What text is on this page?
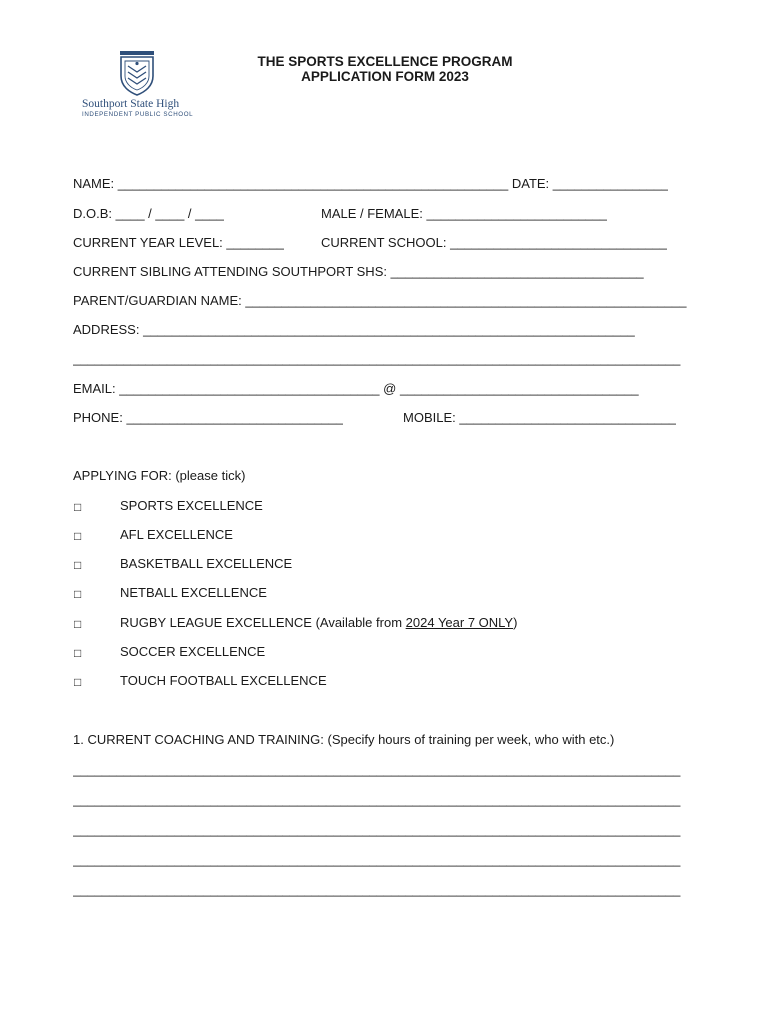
Southport State High
INDEPENDENT PUBLIC SCHOOL
THE SPORTS EXCELLENCE PROGRAM
APPLICATION FORM 2023
NAME: ______________________________________________________ DATE: ________________
D.O.B: ____ / ____ / ____	MALE / FEMALE: _________________________
CURRENT YEAR LEVEL: ________	CURRENT SCHOOL: ______________________________
CURRENT SIBLING ATTENDING SOUTHPORT SHS: ___________________________________
PARENT/GUARDIAN NAME: _____________________________________________________________
ADDRESS: ____________________________________________________________________
____________________________________________________________________________________
EMAIL: ____________________________________ @ _________________________________
PHONE: ______________________________	MOBILE: ______________________________
APPLYING FOR: (please tick)
□	SPORTS EXCELLENCE
□	AFL EXCELLENCE
□	BASKETBALL EXCELLENCE
□	NETBALL EXCELLENCE
□	RUGBY LEAGUE EXCELLENCE (Available from 2024 Year 7 ONLY)
□	SOCCER EXCELLENCE
□	TOUCH FOOTBALL EXCELLENCE
1. CURRENT COACHING AND TRAINING: (Specify hours of training per week, who with etc.)
____________________________________________________________________________________
____________________________________________________________________________________
____________________________________________________________________________________
____________________________________________________________________________________
____________________________________________________________________________________
